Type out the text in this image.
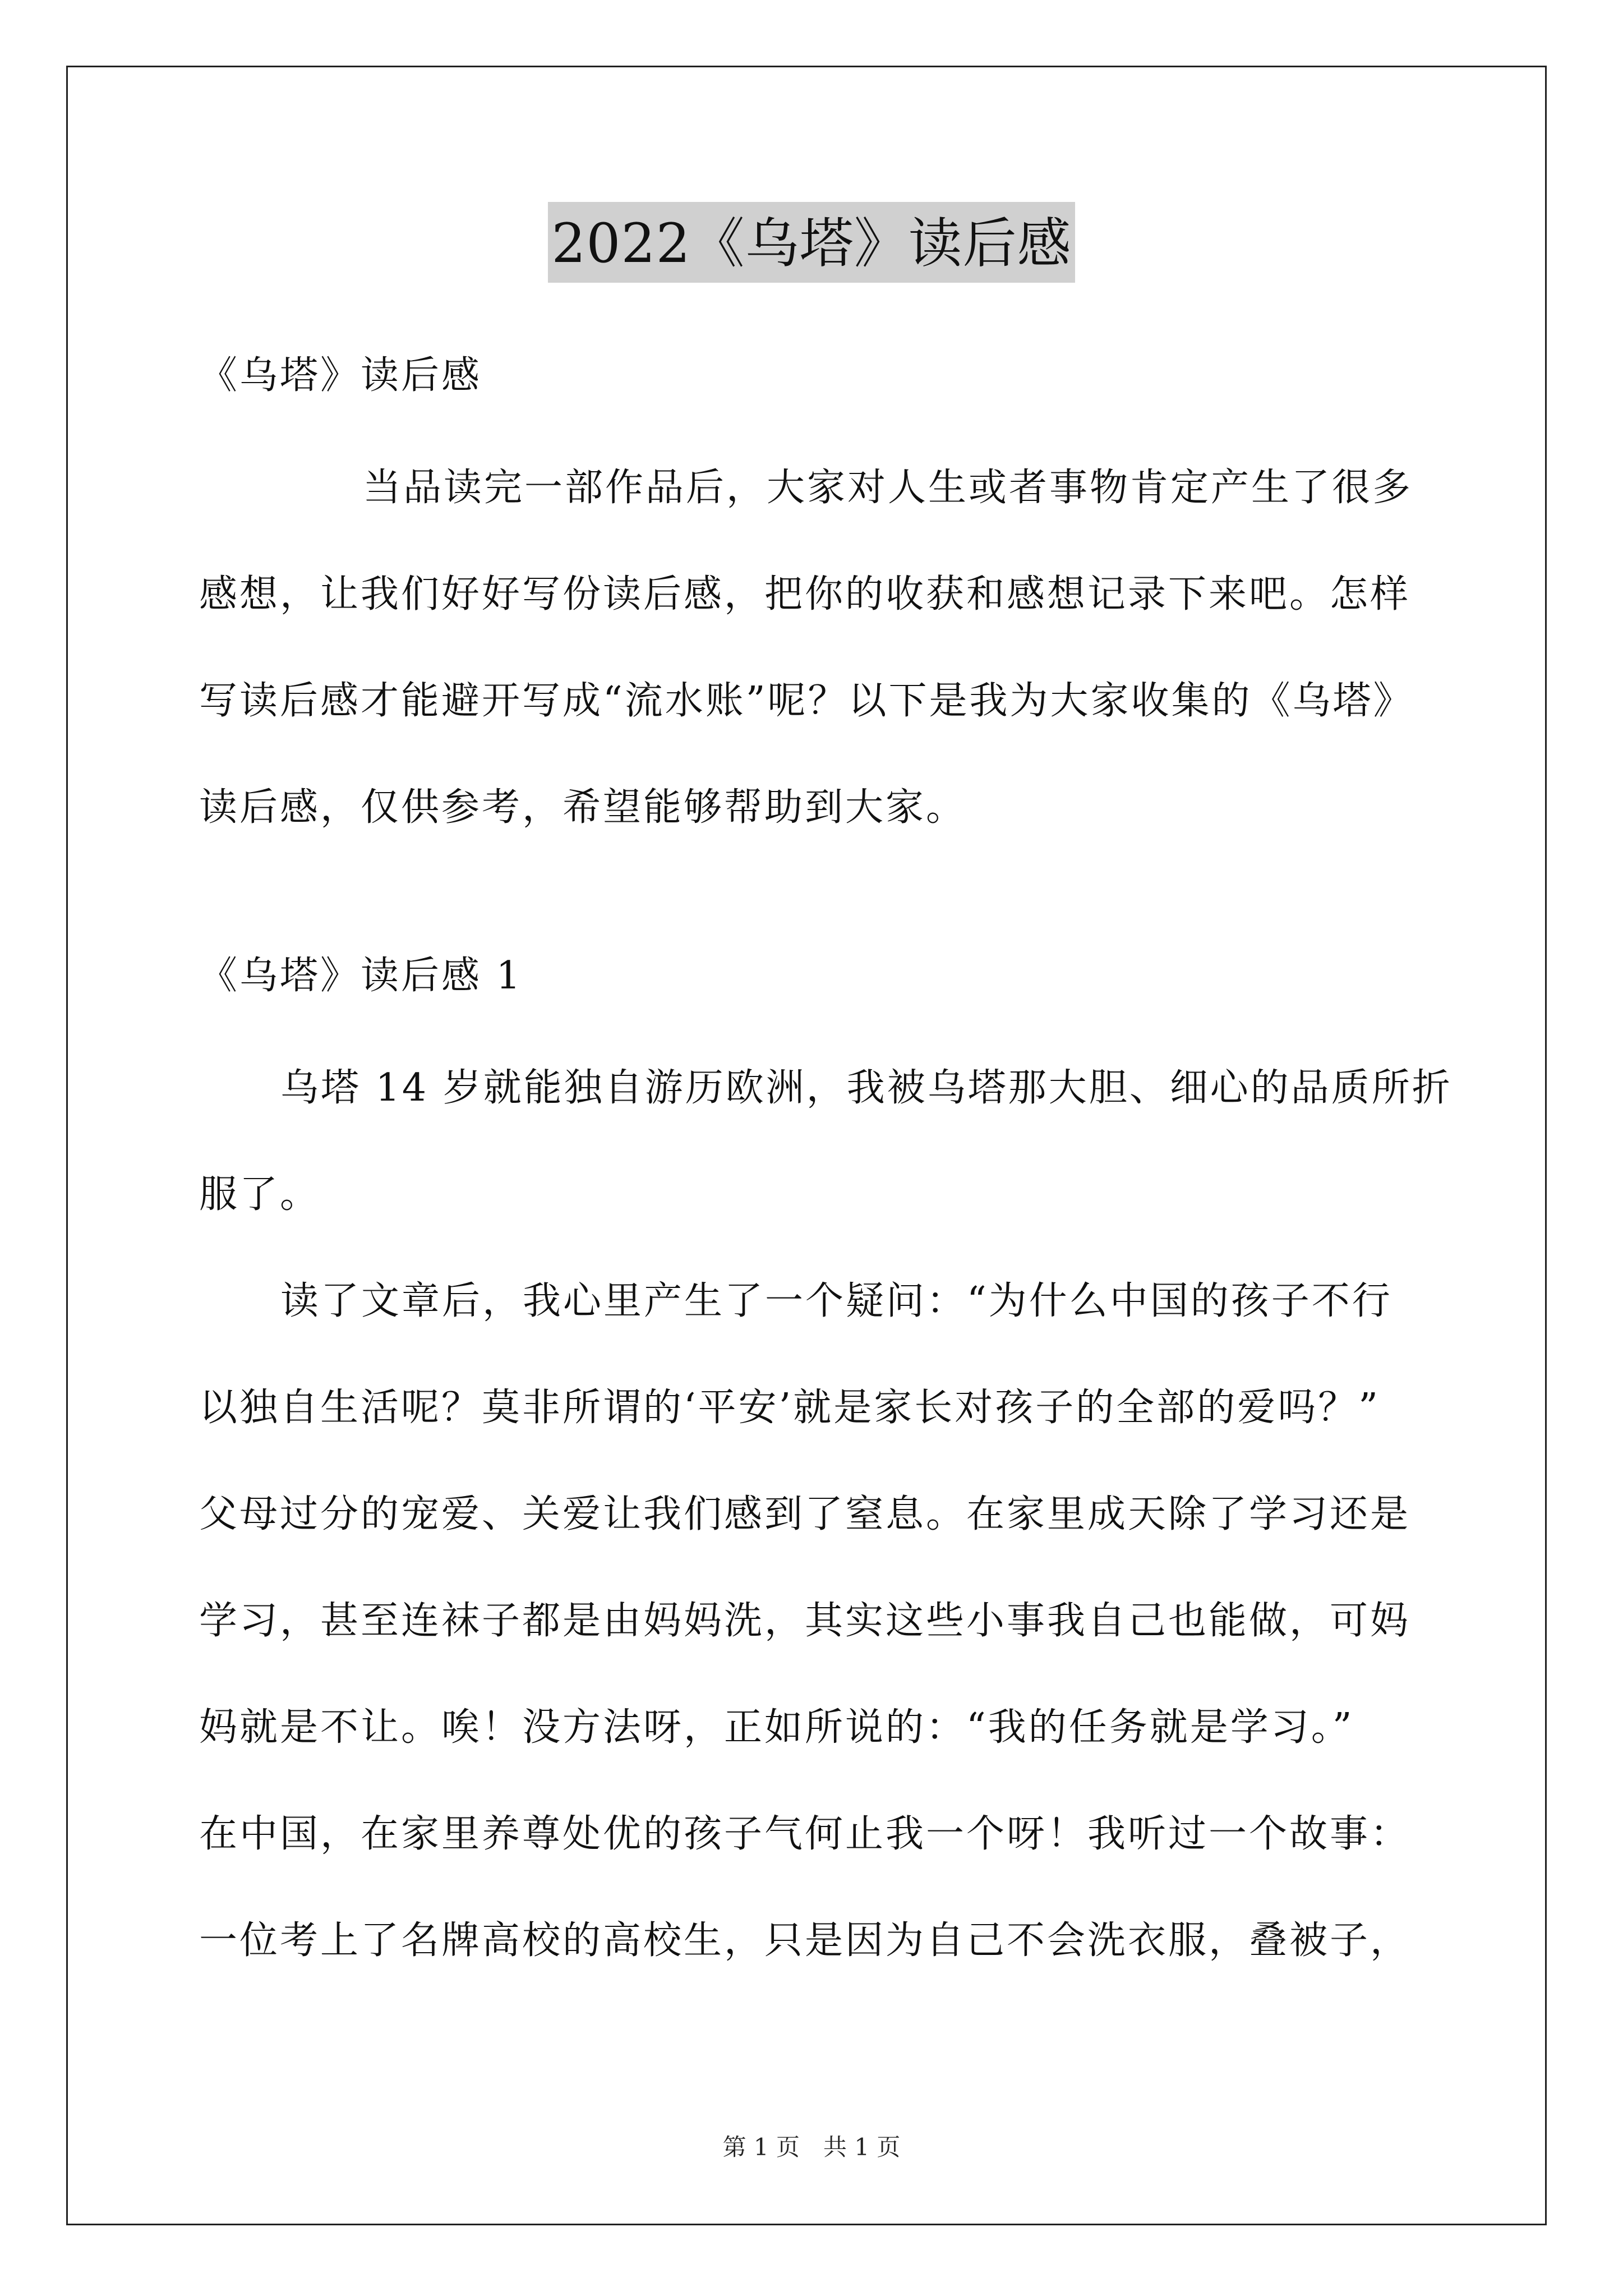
2022《乌塔》读后感
《乌塔》读后感
当品读完一部作品后，大家对人生或者事物肯定产生了很多
感想，让我们好好写份读后感，把你的收获和感想记录下来吧。怎样
写读后感才能避开写成“流水账”呢？以下是我为大家收集的《乌塔》
读后感，仅供参考，希望能够帮助到大家。
《乌塔》读后感 1
乌塔 14 岁就能独自游历欧洲，我被乌塔那大胆、细心的品质所折
服了。
读了文章后，我心里产生了一个疑问：“为什么中国的孩子不行
以独自生活呢？莫非所谓的‘平安’就是家长对孩子的全部的爱吗？”
父母过分的宠爱、关爱让我们感到了窒息。在家里成天除了学习还是
学习，甚至连袜子都是由妈妈洗，其实这些小事我自己也能做，可妈
妈就是不让。唉！没方法呀，正如所说的：“我的任务就是学习。”
在中国，在家里养尊处优的孩子气何止我一个呀！我听过一个故事：
一位考上了名牌高校的高校生，只是因为自己不会洗衣服，叠被子，
第 1 页　共 1 页
